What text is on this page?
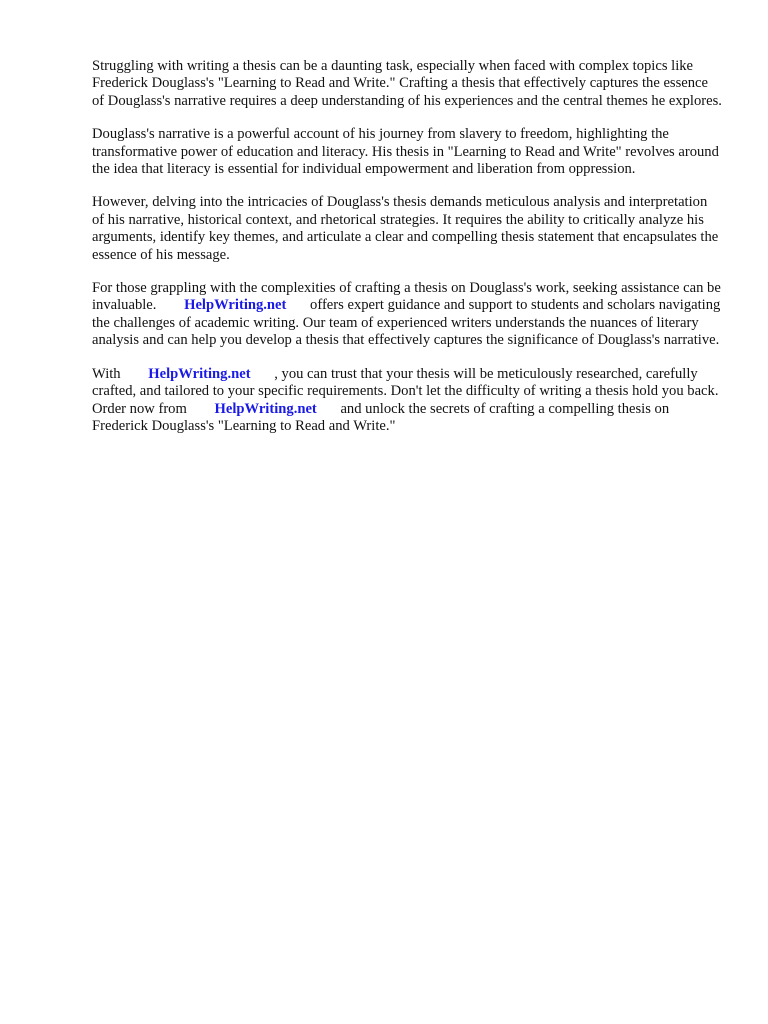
Struggling with writing a thesis can be a daunting task, especially when faced with complex topics like Frederick Douglass's "Learning to Read and Write." Crafting a thesis that effectively captures the essence of Douglass's narrative requires a deep understanding of his experiences and the central themes he explores.

Douglass's narrative is a powerful account of his journey from slavery to freedom, highlighting the transformative power of education and literacy. His thesis in "Learning to Read and Write" revolves around the idea that literacy is essential for individual empowerment and liberation from oppression.

However, delving into the intricacies of Douglass's thesis demands meticulous analysis and interpretation of his narrative, historical context, and rhetorical strategies. It requires the ability to critically analyze his arguments, identify key themes, and articulate a clear and compelling thesis statement that encapsulates the essence of his message.

For those grappling with the complexities of crafting a thesis on Douglass's work, seeking assistance can be invaluable. HelpWriting.net offers expert guidance and support to students and scholars navigating the challenges of academic writing. Our team of experienced writers understands the nuances of literary analysis and can help you develop a thesis that effectively captures the significance of Douglass's narrative.

With HelpWriting.net , you can trust that your thesis will be meticulously researched, carefully crafted, and tailored to your specific requirements. Don't let the difficulty of writing a thesis hold you back. Order now from HelpWriting.net and unlock the secrets of crafting a compelling thesis on Frederick Douglass's "Learning to Read and Write."
